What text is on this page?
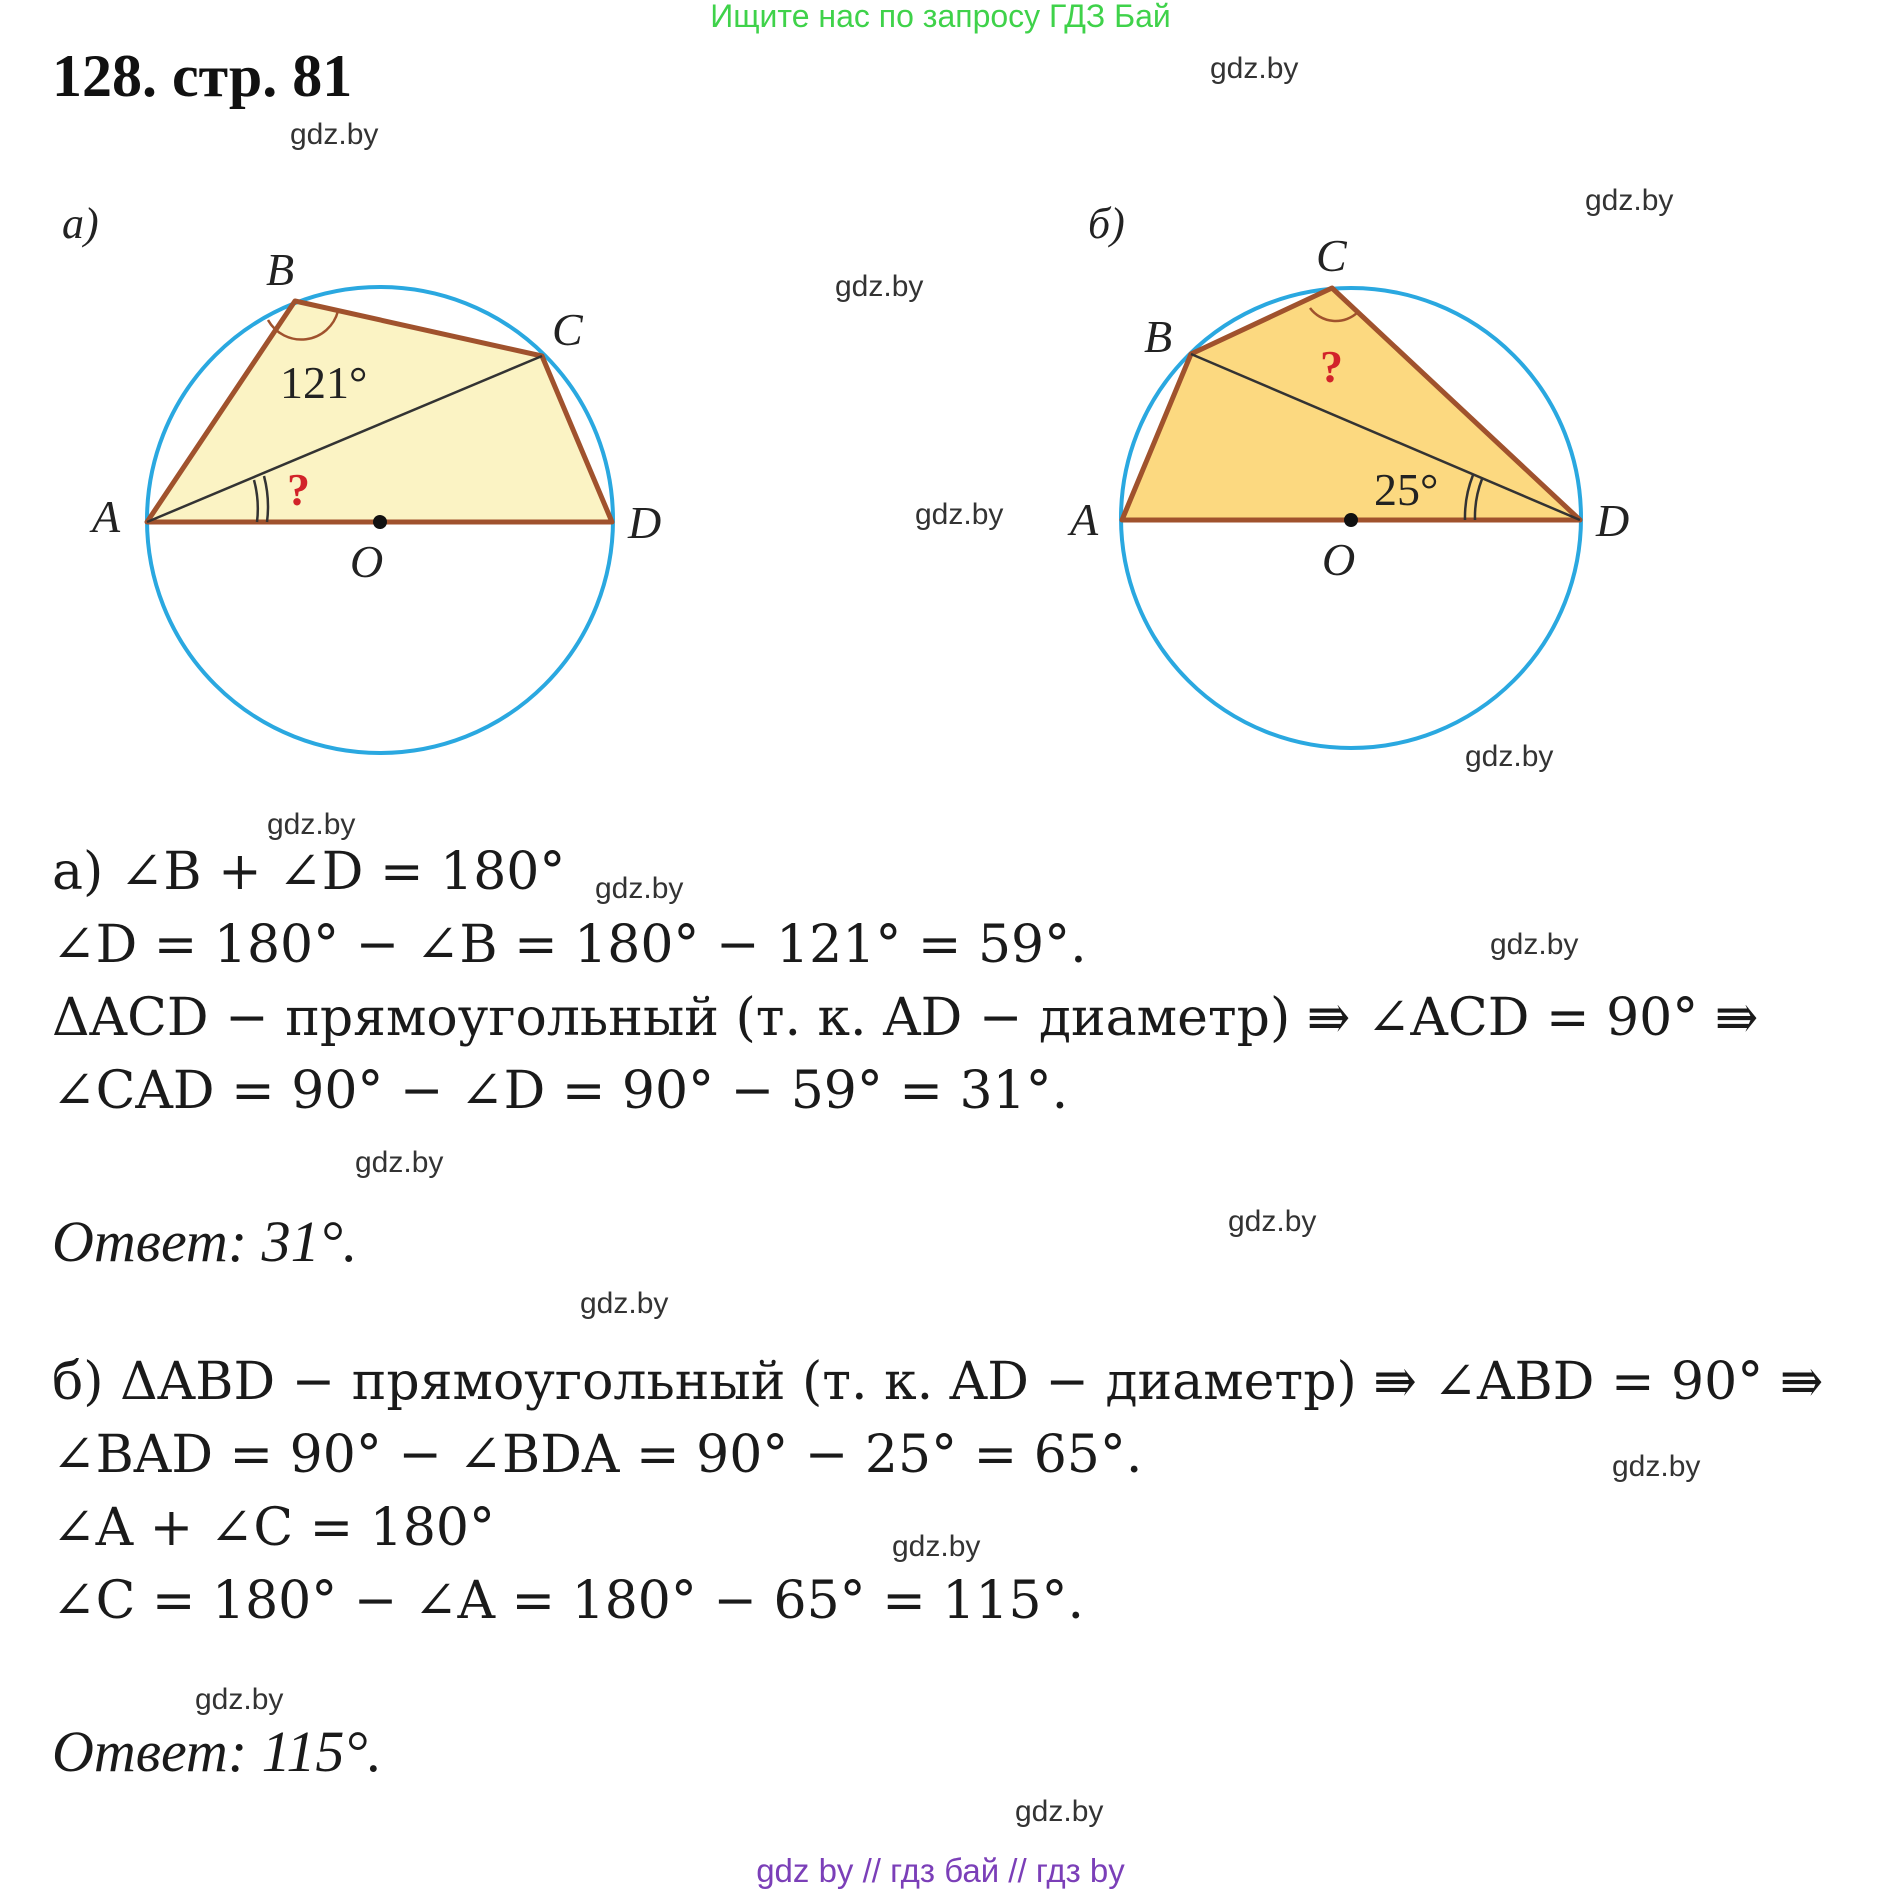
Ищите нас по запросу ГДЗ Бай
128. стр. 81	gdz.by
gdz.by
gdz.by
gdz.by
gdz.by
gdz.by
gdz.by
gdz.by
gdz.by
gdz.by
gdz.by
gdz.by
gdz.by
gdz.by
gdz.by
gdz.by
а)
121°
?
A
B
C
D
O
б)
25°
?
A
B
C
D
O
а) ∠B + ∠D = 180°
∠D = 180° − ∠B = 180° − 121° = 59°.
ΔACD − прямоугольный (т. к. AD − диаметр) ⇛ ∠ACD = 90° ⇛
∠CAD = 90° − ∠D = 90° − 59° = 31°.
Ответ: 31°.
б) ΔABD − прямоугольный (т. к. AD − диаметр) ⇛ ∠ABD = 90° ⇛
∠BAD = 90° − ∠BDA = 90° − 25° = 65°.
∠A + ∠C = 180°
∠C = 180° − ∠A = 180° − 65° = 115°.
Ответ: 115°.
gdz by // гдз бай // гдз by
